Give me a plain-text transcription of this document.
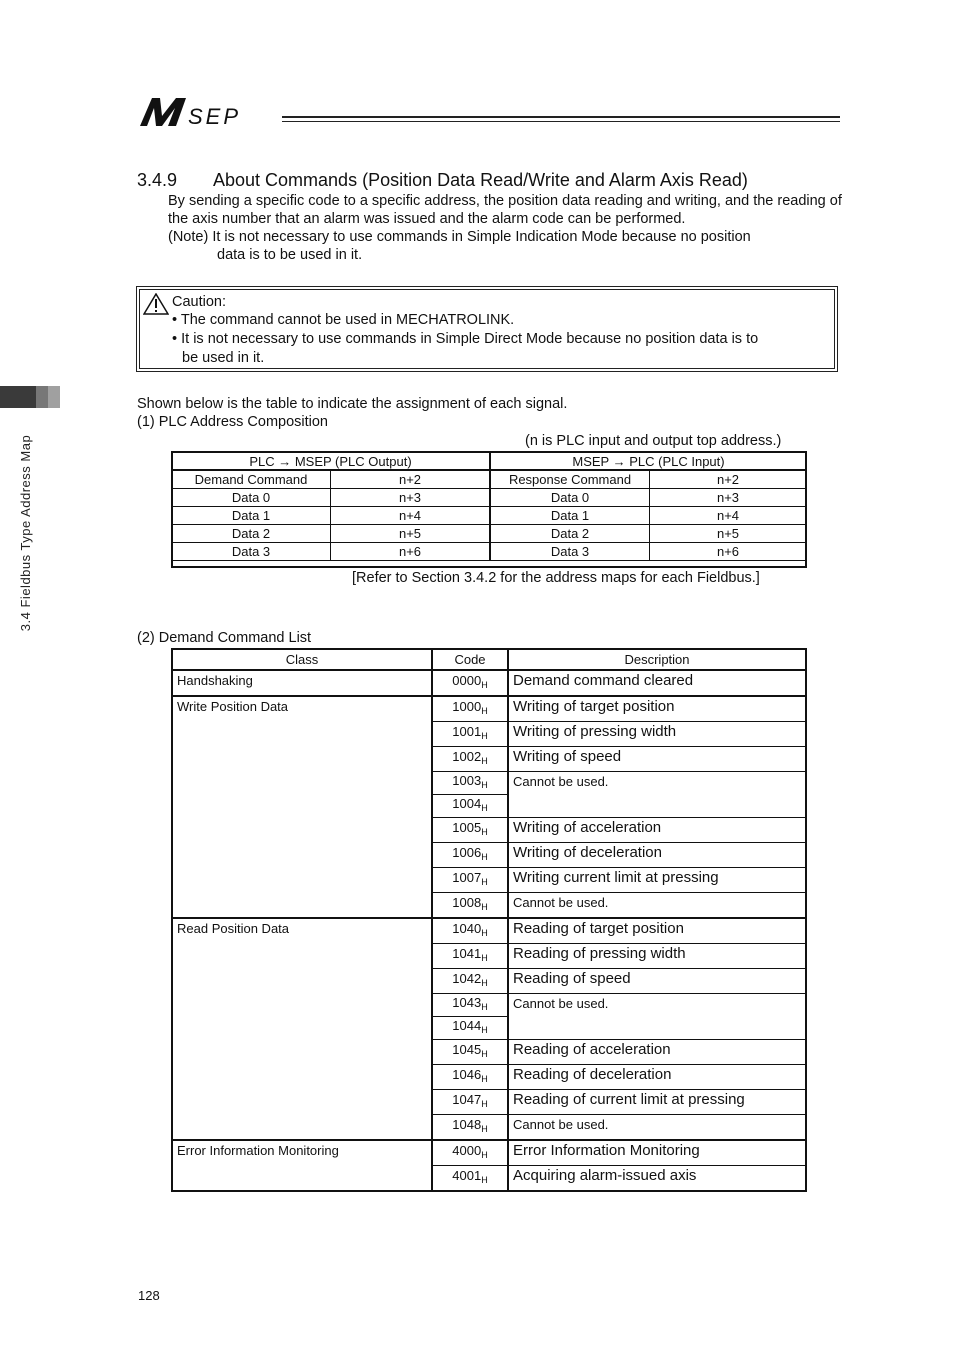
SEP
3.4 Fieldbus Type Address Map
3.4.9 About Commands (Position Data Read/Write and Alarm Axis Read)
By sending a specific code to a specific address, the position data reading and writing, and the reading of the axis number that an alarm was issued and the alarm code can be performed.
(Note) It is not necessary to use commands in Simple Indication Mode because no position
data is to be used in it.
Caution:
• The command cannot be used in MECHATROLINK.
• It is not necessary to use commands in Simple Direct Mode because no position data is to
be used in it.
Shown below is the table to indicate the assignment of each signal.
(1) PLC Address Composition
(n is PLC input and output top address.)
PLC → MSEP (PLC Output)		MSEP → PLC (PLC Input)	
Demand Command	n+2	Response Command	n+2
Data 0	n+3	Data 0	n+3
Data 1	n+4	Data 1	n+4
Data 2	n+5	Data 2	n+5
Data 3	n+6	Data 3	n+6
[Refer to Section 3.4.2 for the address maps for each Fieldbus.]
(2) Demand Command List
Class	Code	Description
Handshaking	$0000_H$	Demand command cleared
Write Position Data	$1000_H$	Writing of target position
	$1001_H$	Writing of pressing width
	$1002_H$	Writing of speed
	$1003_H$	Cannot be used.
	$1004_H$
	$1005_H$	Writing of acceleration
	$1006_H$	Writing of deceleration
	$1007_H$	Writing current limit at pressing
	$1008_H$	Cannot be used.
Read Position Data	$1040_H$	Reading of target position
	$1041_H$	Reading of pressing width
	$1042_H$	Reading of speed
	$1043_H$	Cannot be used.
	$1044_H$
	$1045_H$	Reading of acceleration
	$1046_H$	Reading of deceleration
	$1047_H$	Reading of current limit at pressing
	$1048_H$	Cannot be used.
Error Information Monitoring	$4000_H$	Error Information Monitoring
	$4001_H$	Acquiring alarm-issued axis
128
